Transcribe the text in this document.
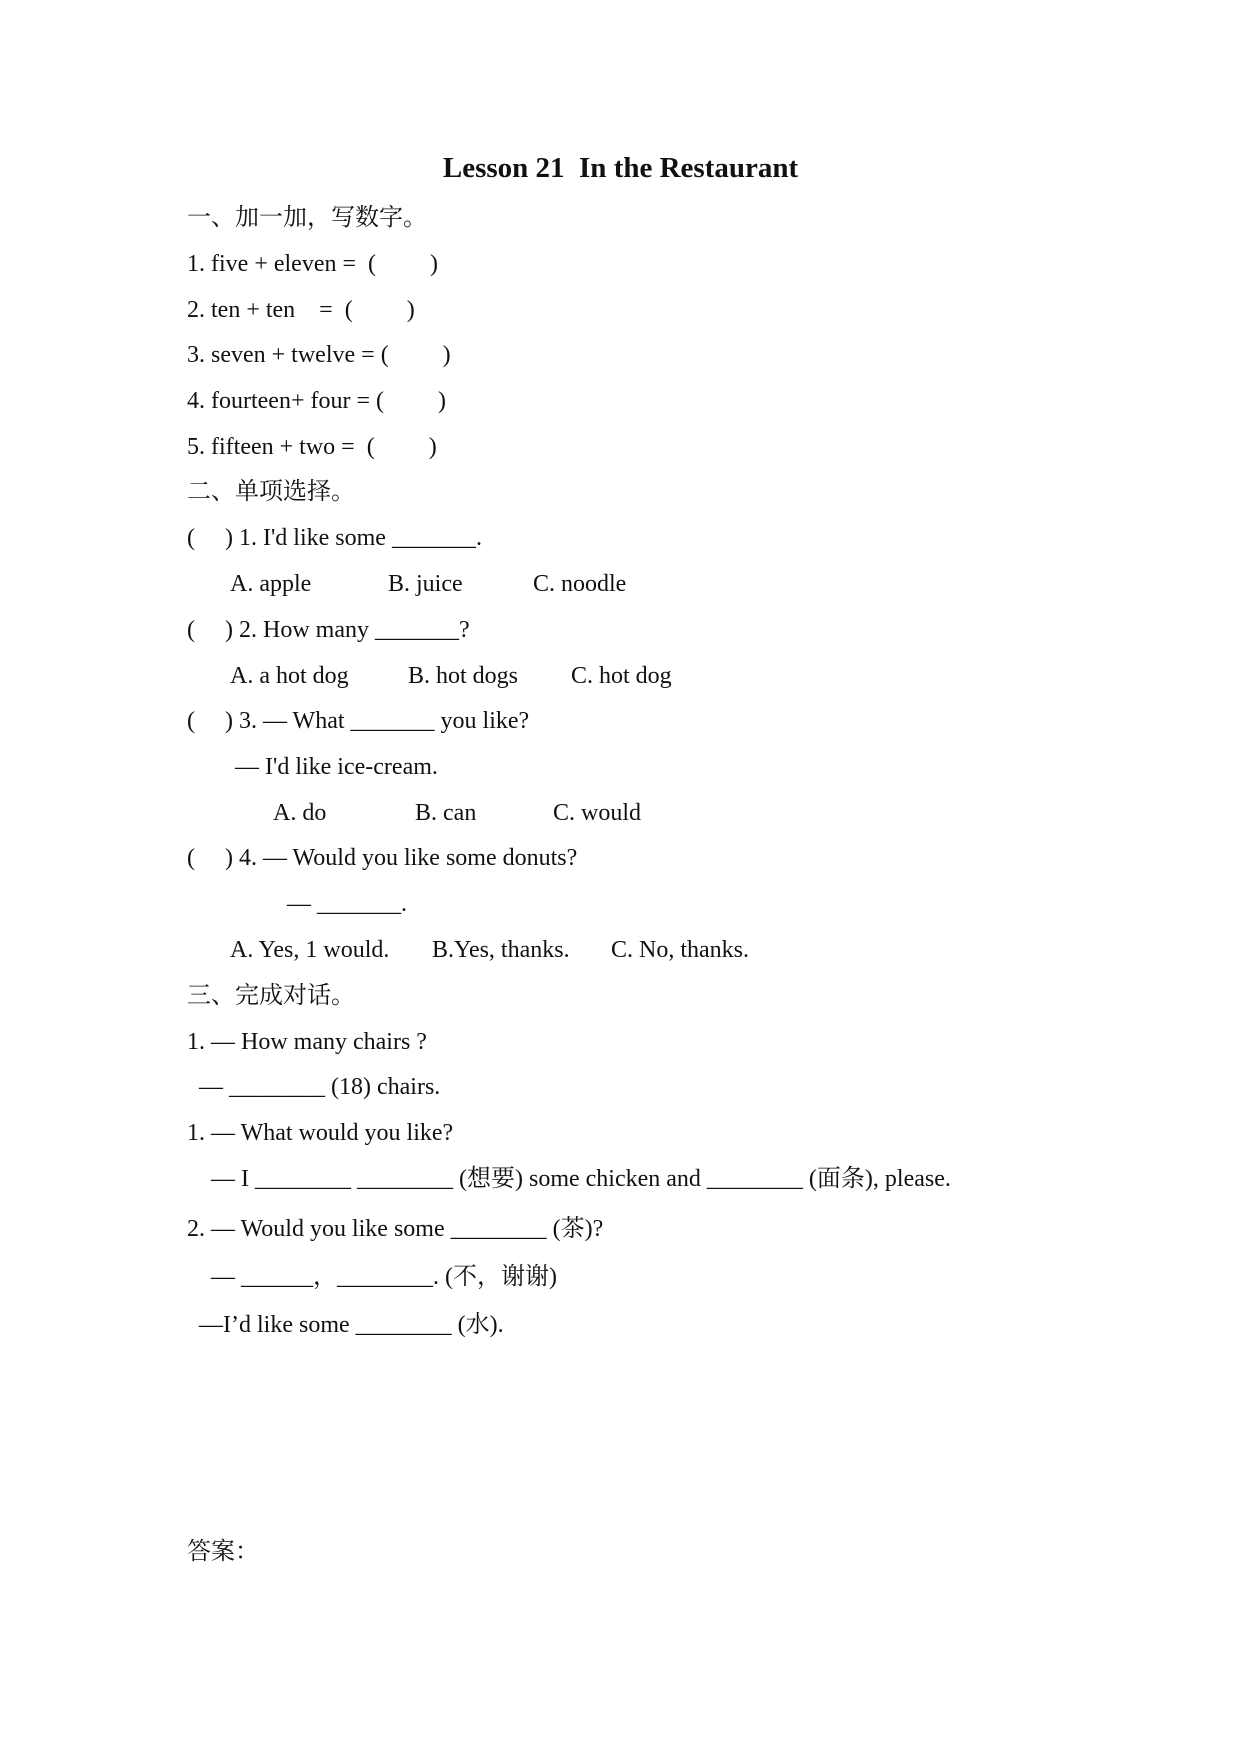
Lesson 21  In the Restaurant
一、加一加，写数字。
1. five + eleven =  (         )
2. ten + ten    =  (         )
3. seven + twelve = (         )
4. fourteen+ four = (         )
5. fifteen + two =  (         )
二、单项选择。
(     ) 1. I'd like some _______.
A. apple	B. juice	C. noodle
(     ) 2. How many _______?
A. a hot dog B. hot dogs C. hot dog
(     ) 3. — What _______ you like?
— I'd like ice-cream.
A. do	B. can	C. would
(     ) 4. — Would you like some donuts?
— _______.
A. Yes, 1 would. B.Yes, thanks. C. No, thanks.
三、完成对话。
1. — How many chairs ?
— ________ (18) chairs.
1. — What would you like?
— I ________ ________ (想要) some chicken and ________ (面条), please.
2. — Would you like some ________ (茶)?
— ______，________. (不，谢谢)
—I’d like some ________ (水).
答案：
